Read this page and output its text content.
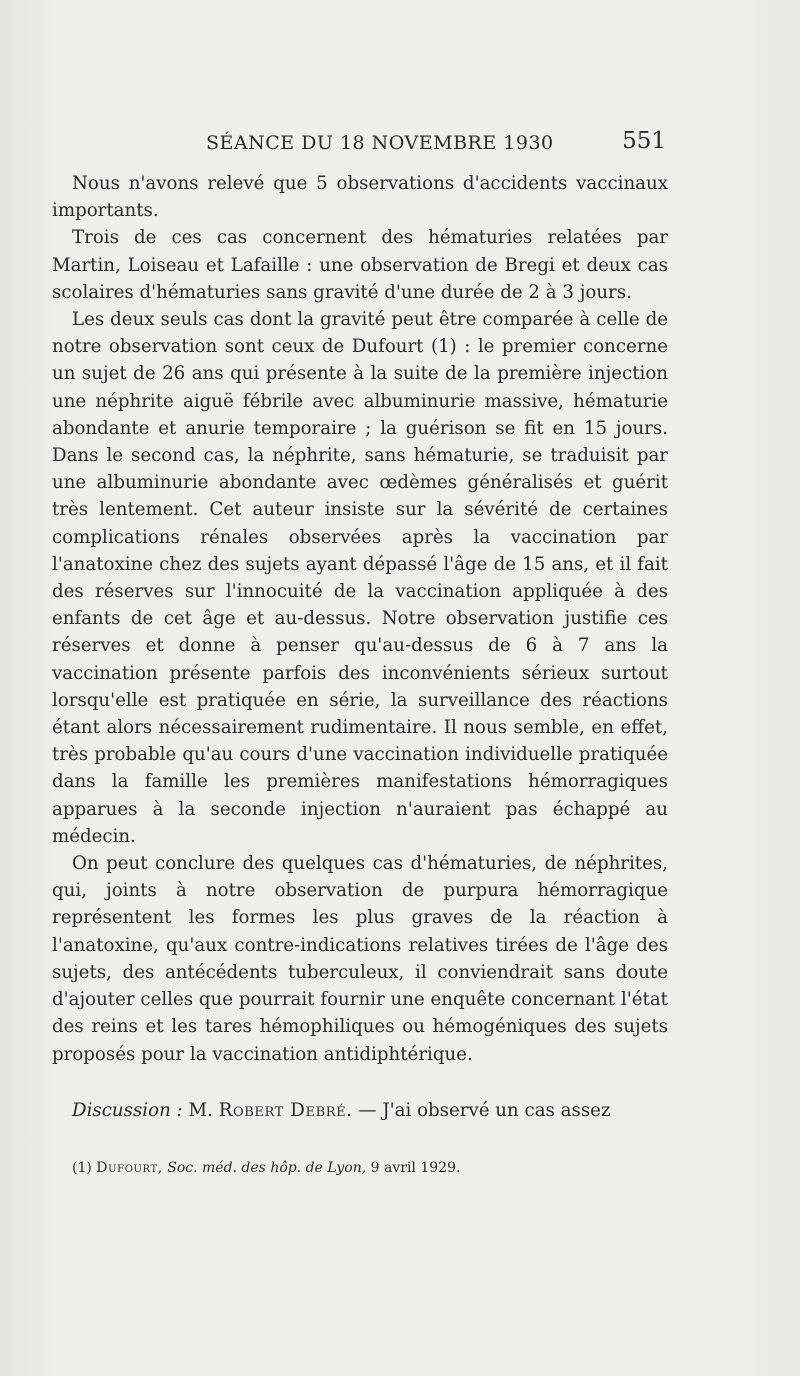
SÉANCE DU 18 NOVEMBRE 1930	551

Nous n'avons relevé que 5 observations d'accidents vaccinaux importants.

Trois de ces cas concernent des hématuries relatées par Martin, Loiseau et Lafaille : une observation de Bregi et deux cas scolaires d'hématuries sans gravité d'une durée de 2 à 3 jours.

Les deux seuls cas dont la gravité peut être comparée à celle de notre observation sont ceux de Dufourt (1) : le premier concerne un sujet de 26 ans qui présente à la suite de la première injection une néphrite aiguë fébrile avec albuminurie massive, hématurie abondante et anurie temporaire ; la guérison se fit en 15 jours. Dans le second cas, la néphrite, sans hématurie, se traduisit par une albuminurie abondante avec œdèmes généralisés et guérit très lentement. Cet auteur insiste sur la sévérité de certaines complications rénales observées après la vaccination par l'anatoxine chez des sujets ayant dépassé l'âge de 15 ans, et il fait des réserves sur l'innocuité de la vaccination appliquée à des enfants de cet âge et au-dessus. Notre observation justifie ces réserves et donne à penser qu'au-dessus de 6 à 7 ans la vaccination présente parfois des inconvénients sérieux surtout lorsqu'elle est pratiquée en série, la surveillance des réactions étant alors nécessairement rudimentaire. Il nous semble, en effet, très probable qu'au cours d'une vaccination individuelle pratiquée dans la famille les premières manifestations hémorragiques apparues à la seconde injection n'auraient pas échappé au médecin.

On peut conclure des quelques cas d'hématuries, de néphrites, qui, joints à notre observation de purpura hémorragique représentent les formes les plus graves de la réaction à l'anatoxine, qu'aux contre-indications relatives tirées de l'âge des sujets, des antécédents tuberculeux, il conviendrait sans doute d'ajouter celles que pourrait fournir une enquête concernant l'état des reins et les tares hémophiliques ou hémogéniques des sujets proposés pour la vaccination antidiphtérique.

Discussion : M. Robert Debré. — J'ai observé un cas assez
(1) Dufourt, Soc. méd. des hôp. de Lyon, 9 avril 1929.
